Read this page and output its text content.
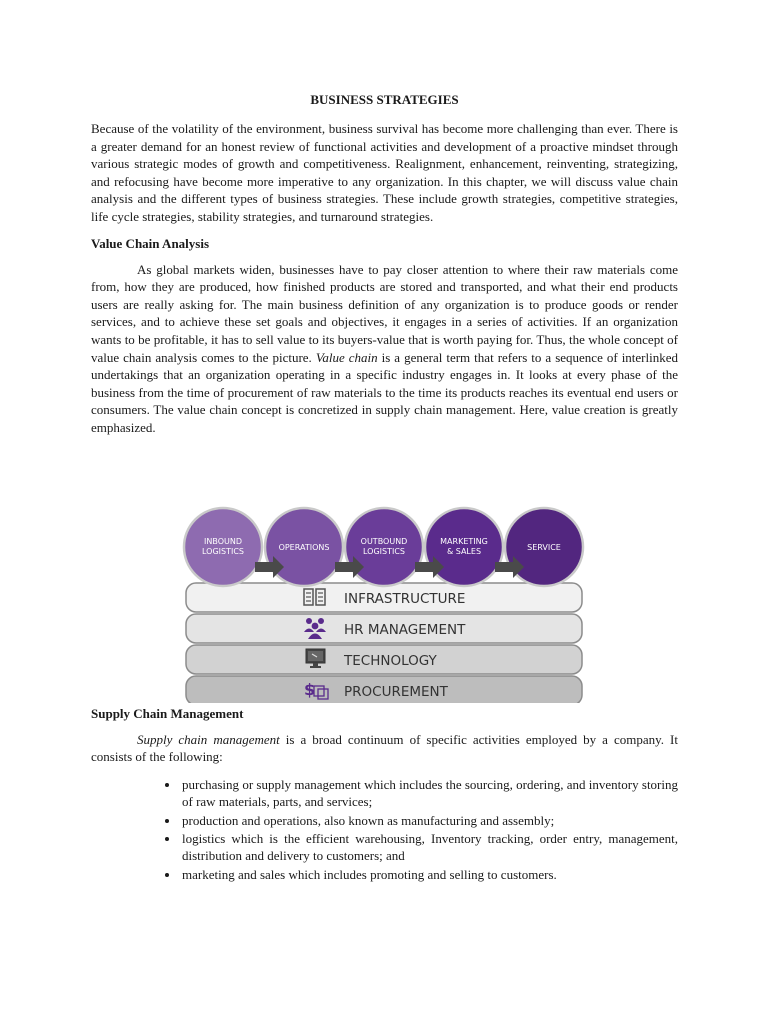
BUSINESS STRATEGIES

Because of the volatility of the environment, business survival has become more challenging than ever. There is a greater demand for an honest review of functional activities and development of a proactive mindset through various strategic modes of growth and competitiveness. Realignment, enhancement, reinventing, strategizing, and refocusing have become more imperative to any organization. In this chapter, we will discuss value chain analysis and the different types of business strategies. These include growth strategies, competitive strategies, life cycle strategies, stability strategies, and turnaround strategies.

Value Chain Analysis

As global markets widen, businesses have to pay closer attention to where their raw materials come from, how they are produced, how finished products are stored and transported, and what their end products users are really asking for. The main business definition of any organization is to produce goods or render services, and to achieve these set goals and objectives, it engages in a series of activities. If an organization wants to be profitable, it has to sell value to its buyers-value that is worth paying for. Thus, the whole concept of value chain analysis comes to the picture. Value chain is a general term that refers to a sequence of interlinked undertakings that an organization operating in a specific industry engages in. It looks at every phase of the business from the time of procurement of raw materials to the time its products reaches its eventual end users or consumers. The value chain concept is concretized in supply chain management. Here, value creation is greatly emphasized.

INFRASTRUCTURE
HR MANAGEMENT
TECHNOLOGY
$ PROCUREMENT
INBOUND
LOGISTICS	OPERATIONS
OUTBOUND
LOGISTICS
MARKETING
& SALES	SERVICE
Supply Chain Management

Supply chain management is a broad continuum of specific activities employed by a company. It consists of the following:

• purchasing or supply management which includes the sourcing, ordering, and inventory storing of raw materials, parts, and services;
• production and operations, also known as manufacturing and assembly;
• logistics which is the efficient warehousing, Inventory tracking, order entry, management, distribution and delivery to customers; and
• marketing and sales which includes promoting and selling to customers.
